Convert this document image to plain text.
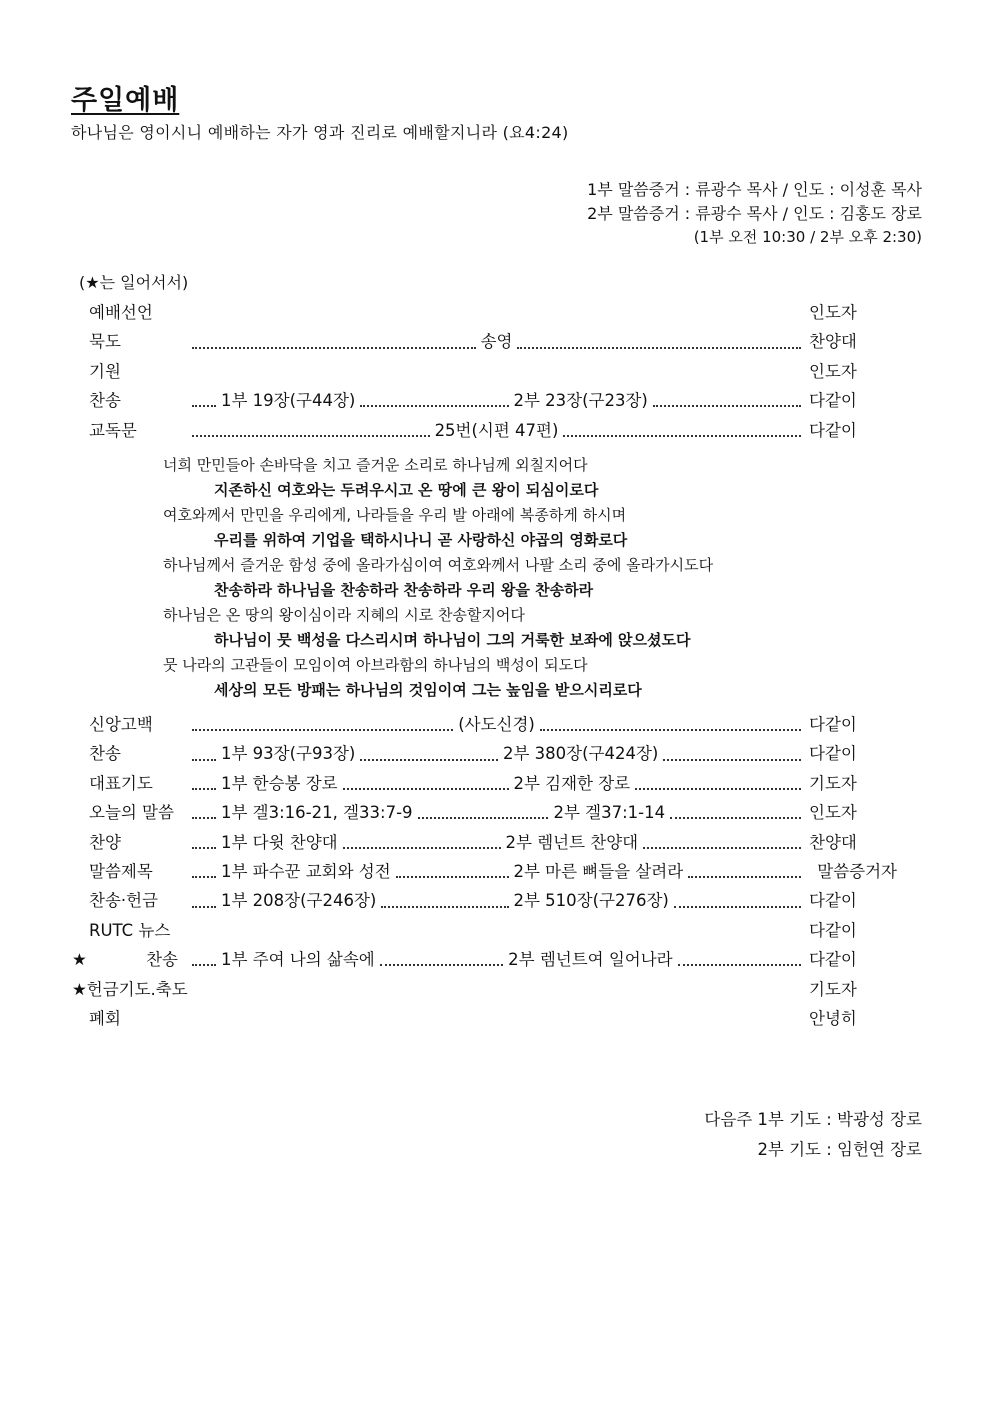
주일예배
하나님은 영이시니 예배하는 자가 영과 진리로 예배할지니라 (요4:24)
1부 말씀증거 : 류광수 목사 / 인도 : 이성훈 목사
2부 말씀증거 : 류광수 목사 / 인도 : 김홍도 장로
(1부 오전 10:30 / 2부 오후 2:30)
(★는 일어서서)
예배선언	인도자
묵도	송영	찬양대
기원	인도자
찬송	1부 19장(구44장)	2부 23장(구23장)	다같이
교독문	25번(시편 47편)	다같이
너희 만민들아 손바닥을 치고 즐거운 소리로 하나님께 외칠지어다
지존하신 여호와는 두려우시고 온 땅에 큰 왕이 되심이로다
여호와께서 만민을 우리에게, 나라들을 우리 발 아래에 복종하게 하시며
우리를 위하여 기업을 택하시나니 곧 사랑하신 야곱의 영화로다
하나님께서 즐거운 함성 중에 올라가심이여 여호와께서 나팔 소리 중에 올라가시도다
찬송하라 하나님을 찬송하라 찬송하라 우리 왕을 찬송하라
하나님은 온 땅의 왕이심이라 지혜의 시로 찬송할지어다
하나님이 뭇 백성을 다스리시며 하나님이 그의 거룩한 보좌에 앉으셨도다
뭇 나라의 고관들이 모임이여 아브라함의 하나님의 백성이 되도다
세상의 모든 방패는 하나님의 것임이여 그는 높임을 받으시리로다
신앙고백	(사도신경)	다같이
찬송	1부 93장(구93장)	2부 380장(구424장)	다같이
대표기도	1부 한승봉 장로	2부 김재한 장로	기도자
오늘의 말씀	1부 겔3:16-21, 겔33:7-9	2부 겔37:1-14	인도자
찬양	1부 다윗 찬양대	2부 렘넌트 찬양대	찬양대
말씀제목	1부 파수꾼 교회와 성전	2부 마른 뼈들을 살려라	말씀증거자
찬송·헌금	1부 208장(구246장)	2부 510장(구276장)	다같이
RUTC 뉴스	다같이
★찬송	1부 주여 나의 삶속에	2부 렘넌트여 일어나라	다같이
★헌금기도.축도	기도자
폐회	안녕히
다음주 1부 기도 : 박광성 장로
2부 기도 : 임헌연 장로
